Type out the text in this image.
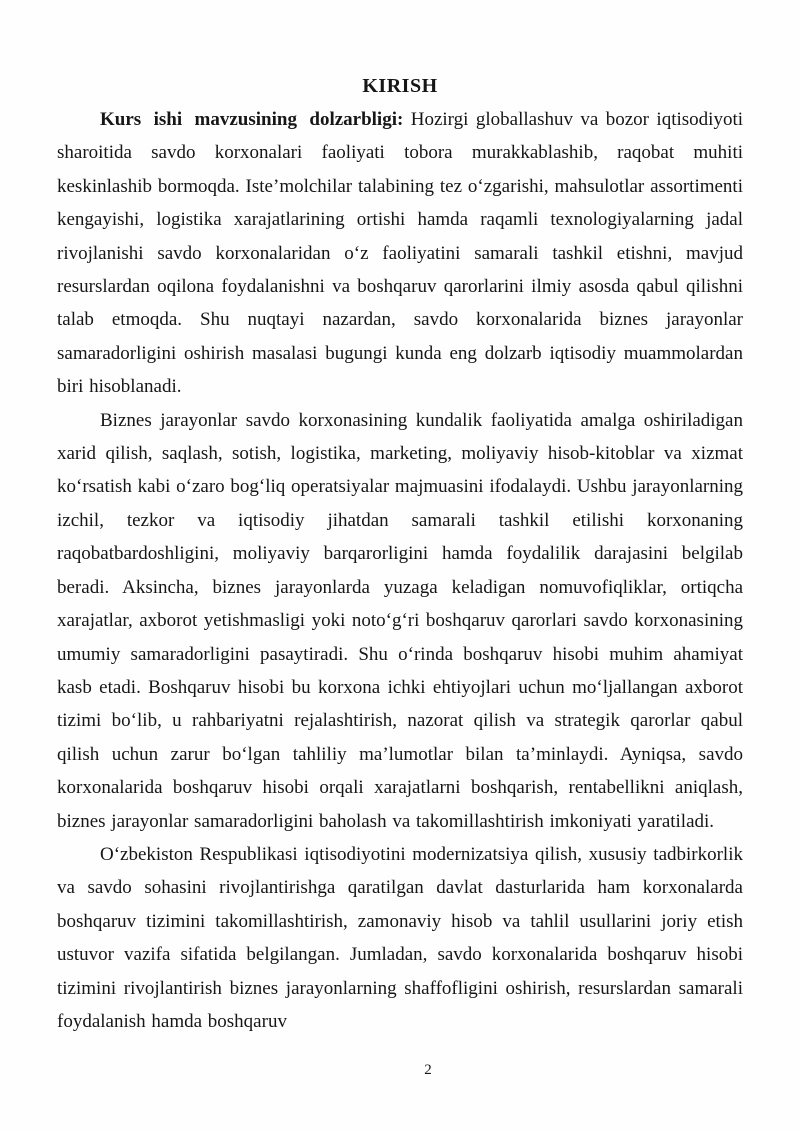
KIRISH

Kurs ishi mavzusining dolzarbligi: Hozirgi globallashuv va bozor iqtisodiyoti sharoitida savdo korxonalari faoliyati tobora murakkablashib, raqobat muhiti keskinlashib bormoqda. Iste’molchilar talabining tez o‘zgarishi, mahsulotlar assortimenti kengayishi, logistika xarajatlarining ortishi hamda raqamli texnologiyalarning jadal rivojlanishi savdo korxonalaridan o‘z faoliyatini samarali tashkil etishni, mavjud resurslardan oqilona foydalanishni va boshqaruv qarorlarini ilmiy asosda qabul qilishni talab etmoqda. Shu nuqtayi nazardan, savdo korxonalarida biznes jarayonlar samaradorligini oshirish masalasi bugungi kunda eng dolzarb iqtisodiy muammolardan biri hisoblanadi.

Biznes jarayonlar savdo korxonasining kundalik faoliyatida amalga oshiriladigan xarid qilish, saqlash, sotish, logistika, marketing, moliyaviy hisob-kitoblar va xizmat ko‘rsatish kabi o‘zaro bog‘liq operatsiyalar majmuasini ifodalaydi. Ushbu jarayonlarning izchil, tezkor va iqtisodiy jihatdan samarali tashkil etilishi korxonaning raqobatbardoshligini, moliyaviy barqarorligini hamda foydalilik darajasini belgilab beradi. Aksincha, biznes jarayonlarda yuzaga keladigan nomuvofiqliklar, ortiqcha xarajatlar, axborot yetishmasligi yoki noto‘g‘ri boshqaruv qarorlari savdo korxonasining umumiy samaradorligini pasaytiradi. Shu o‘rinda boshqaruv hisobi muhim ahamiyat kasb etadi. Boshqaruv hisobi bu korxona ichki ehtiyojlari uchun mo‘ljallangan axborot tizimi bo‘lib, u rahbariyatni rejalashtirish, nazorat qilish va strategik qarorlar qabul qilish uchun zarur bo‘lgan tahliliy ma’lumotlar bilan ta’minlaydi. Ayniqsa, savdo korxonalarida boshqaruv hisobi orqali xarajatlarni boshqarish, rentabellikni aniqlash, biznes jarayonlar samaradorligini baholash va takomillashtirish imkoniyati yaratiladi.

O‘zbekiston Respublikasi iqtisodiyotini modernizatsiya qilish, xususiy tadbirkorlik va savdo sohasini rivojlantirishga qaratilgan davlat dasturlarida ham korxonalarda boshqaruv tizimini takomillashtirish, zamonaviy hisob va tahlil usullarini joriy etish ustuvor vazifa sifatida belgilangan. Jumladan, savdo korxonalarida boshqaruv hisobi tizimini rivojlantirish biznes jarayonlarning shaffofligini oshirish, resurslardan samarali foydalanish hamda boshqaruv

2
